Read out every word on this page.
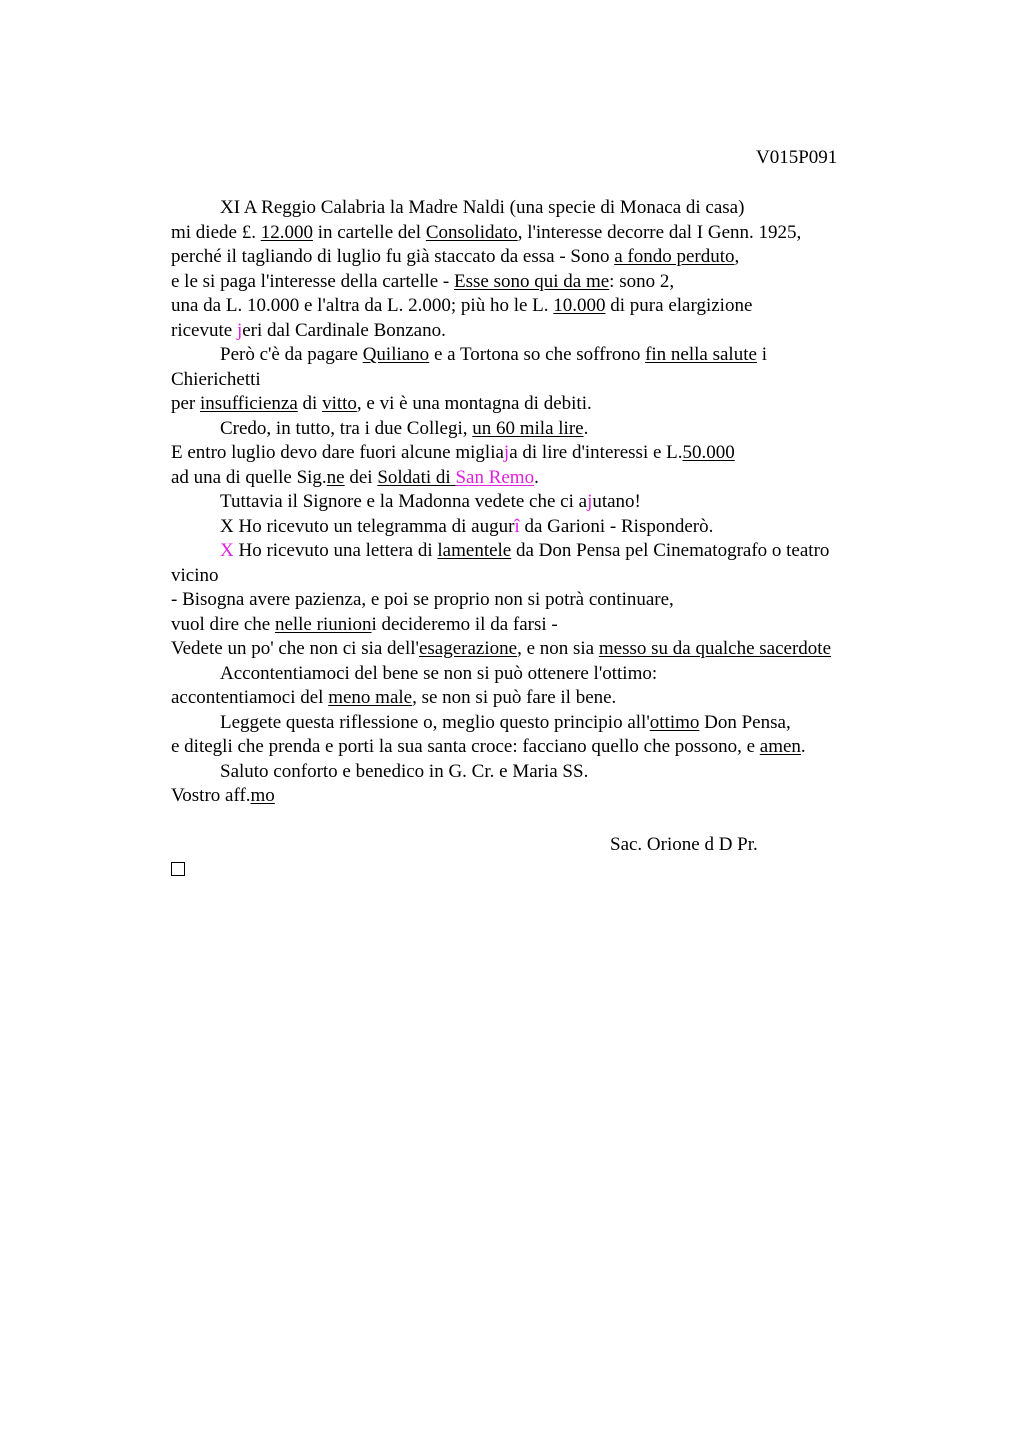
V015P091
XI A Reggio Calabria la Madre Naldi (una specie di Monaca di casa)
mi diede £. 12.000 in cartelle del Consolidato, l'interesse decorre dal I Genn. 1925,
perché il tagliando di luglio fu già staccato da essa - Sono a fondo perduto,
e le si paga l'interesse della cartelle - Esse sono qui da me: sono 2,
una da L. 10.000 e l'altra da L. 2.000; più ho le L. 10.000 di pura elargizione
ricevute jeri dal Cardinale Bonzano.
Però c'è da pagare Quiliano e a Tortona so che soffrono fin nella salute i
Chierichetti
per insufficienza di vitto, e vi è una montagna di debiti.
Credo, in tutto, tra i due Collegi, un 60 mila lire.
E entro luglio devo dare fuori alcune migliaja di lire d'interessi e L.50.000
ad una di quelle Sig.ne dei Soldati di San Remo.
Tuttavia il Signore e la Madonna vedete che ci ajutano!
X Ho ricevuto un telegramma di augurî da Garioni - Risponderò.
X Ho ricevuto una lettera di lamentele da Don Pensa pel Cinematografo o teatro
vicino
- Bisogna avere pazienza, e poi se proprio non si potrà continuare,
vuol dire che nelle riunioni decideremo il da farsi -
Vedete un po' che non ci sia dell'esagerazione, e non sia messo su da qualche sacerdote
Accontentiamoci del bene se non si può ottenere l'ottimo:
accontentiamoci del meno male, se non si può fare il bene.
Leggete questa riflessione o, meglio questo principio all'ottimo Don Pensa,
e ditegli che prenda e porti la sua santa croce: facciano quello che possono, e amen.
Saluto conforto e benedico in G. Cr. e Maria SS.
Vostro aff.mo
Sac. Orione d D Pr.
